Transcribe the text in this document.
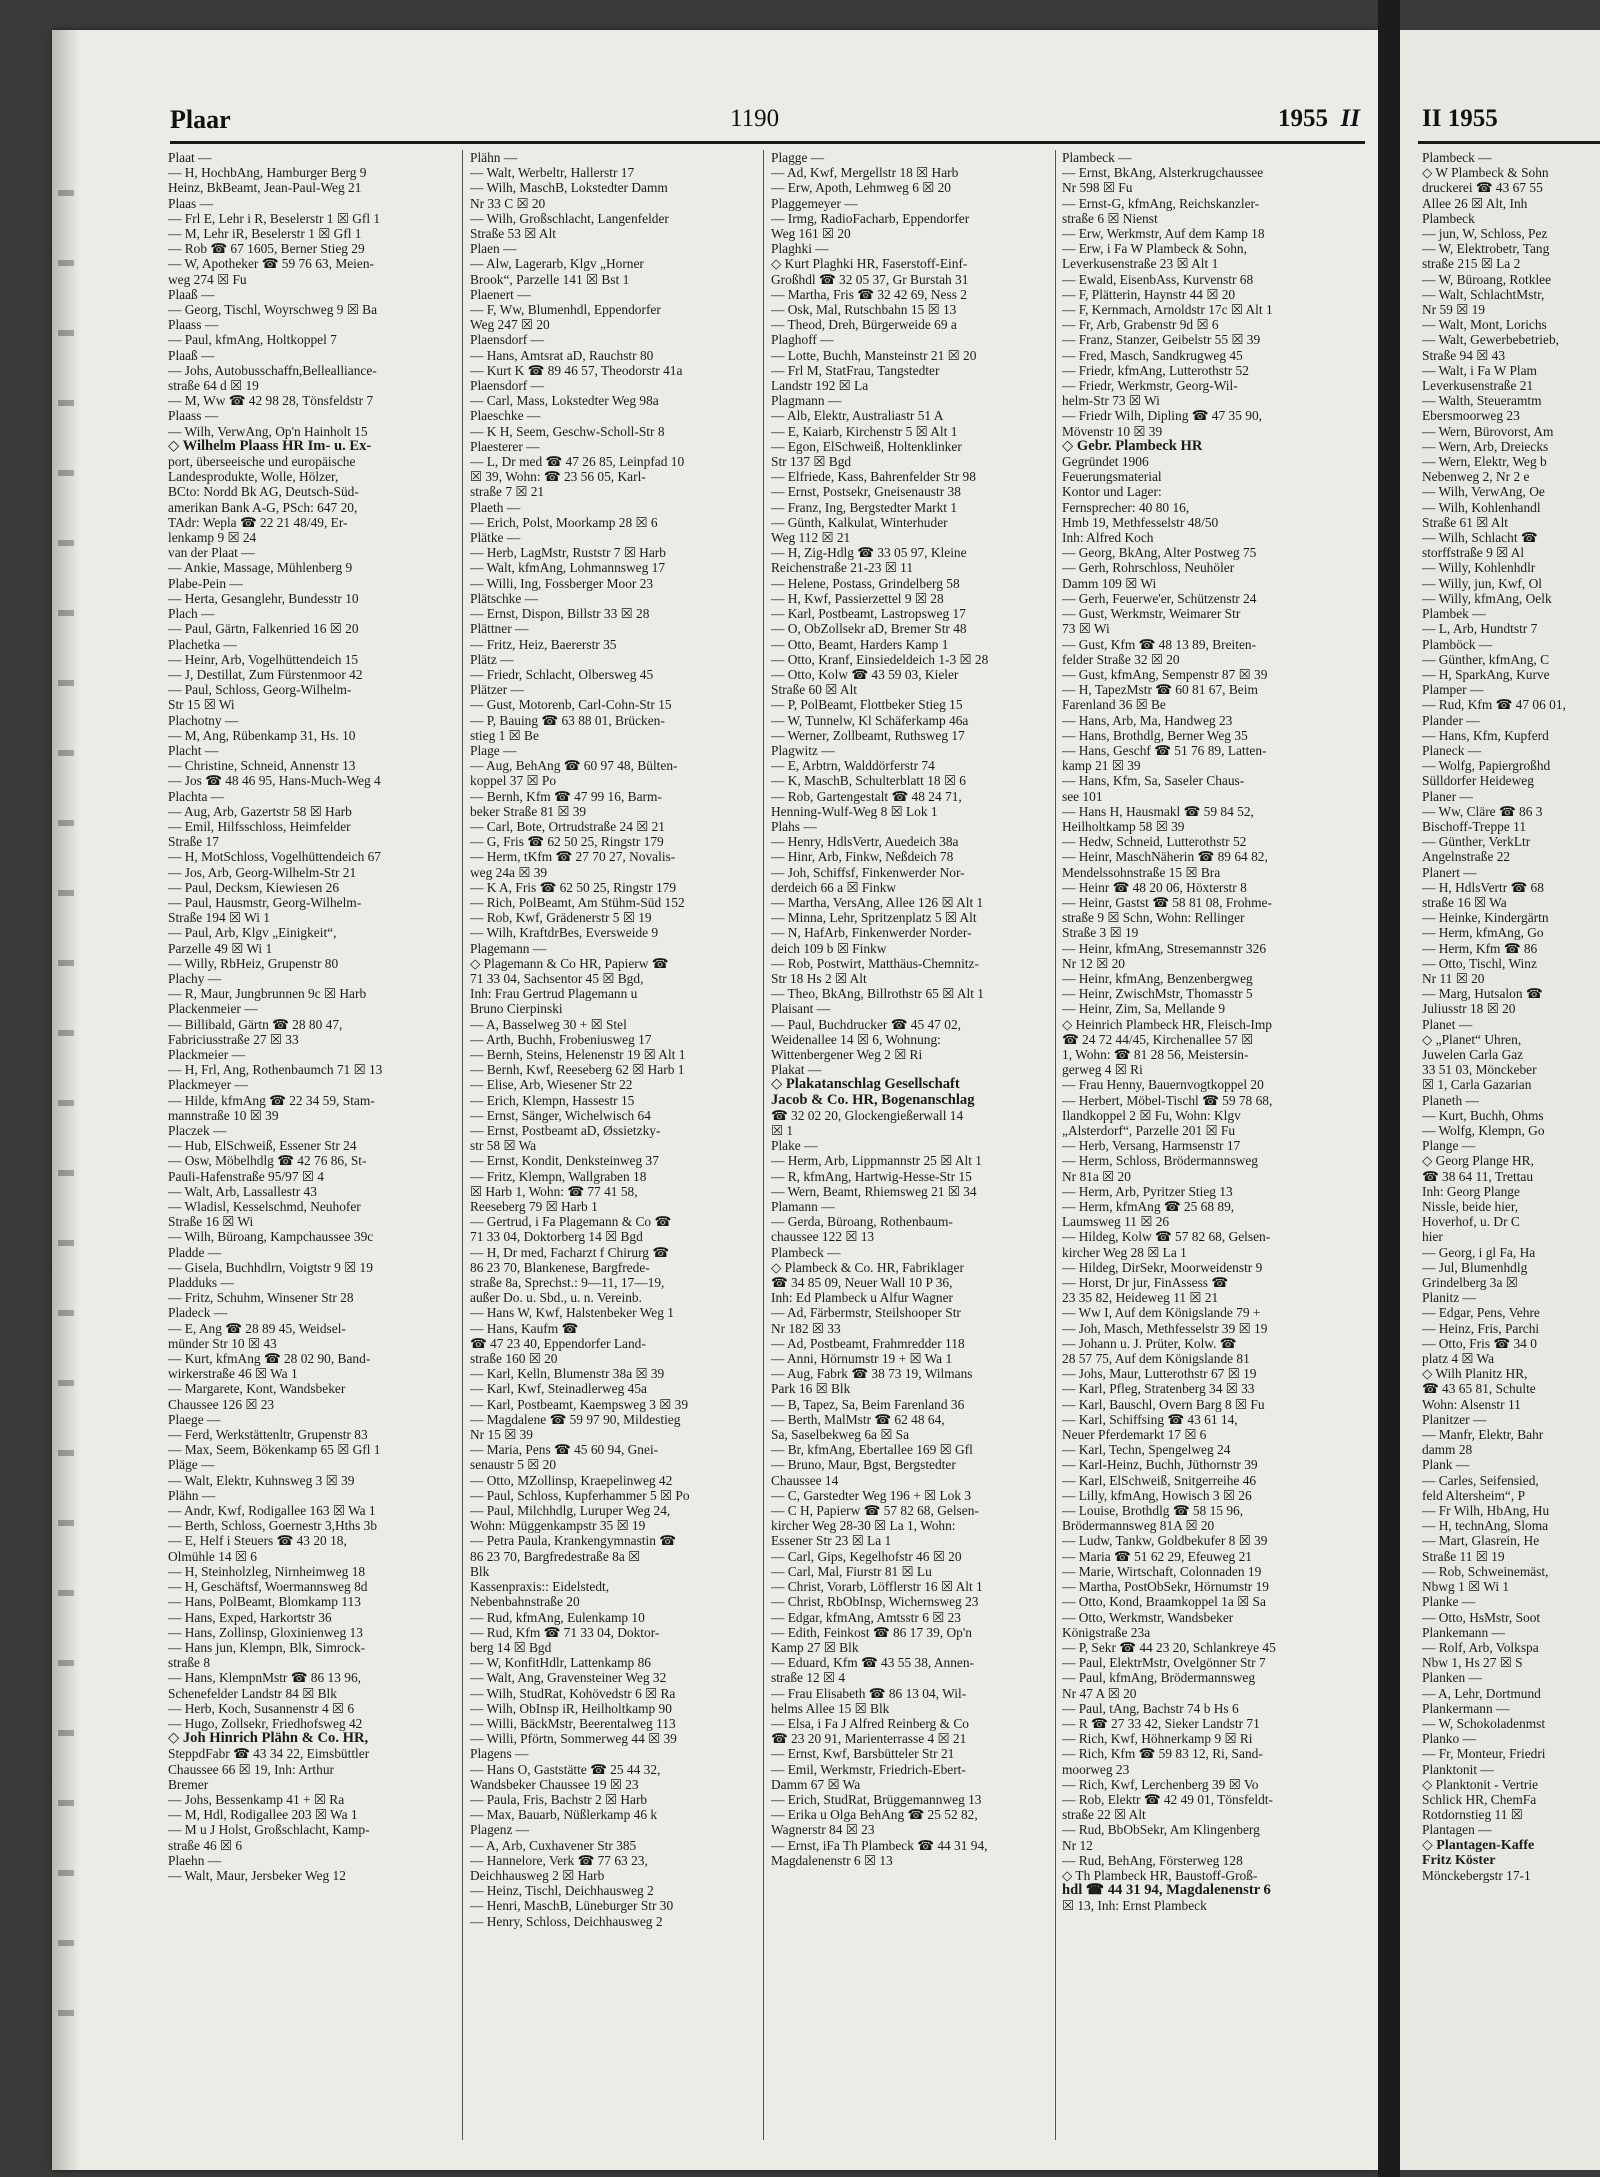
Plaar	1190	1955 II
Plaat —
— H, HochbAng, Hamburger Berg 9
Heinz, BkBeamt, Jean-Paul-Weg 21
Plaas —
— Frl E, Lehr i R, Beselerstr 1 ☒ Gfl 1
— M, Lehr iR, Beselerstr 1 ☒ Gfl 1
— Rob ☎ 67 1605, Berner Stieg 29
— W, Apotheker ☎ 59 76 63, Meien-
weg 274 ☒ Fu
Plaaß —
— Georg, Tischl, Woyrschweg 9 ☒ Ba
Plaass —
— Paul, kfmAng, Holtkoppel 7
Plaaß —
— Johs, Autobusschaffn,Bellealliance-
straße 64 d ☒ 19
— M, Ww ☎ 42 98 28, Tönsfeldstr 7
Plaass —
— Wilh, VerwAng, Op'n Hainholt 15
◇ Wilhelm Plaass HR Im- u. Ex-
port, überseeische und europäische
Landesprodukte, Wolle, Hölzer,
BCto: Nordd Bk AG, Deutsch-Süd-
amerikan Bank A-G, PSch: 647 20,
TAdr: Wepla ☎ 22 21 48/49, Er-
lenkamp 9 ☒ 24
van der Plaat —
— Ankie, Massage, Mühlenberg 9
Plabe-Pein —
— Herta, Gesanglehr, Bundesstr 10
Plach —
— Paul, Gärtn, Falkenried 16 ☒ 20
Plachetka —
— Heinr, Arb, Vogelhüttendeich 15
— J, Destillat, Zum Fürstenmoor 42
— Paul, Schloss, Georg-Wilhelm-
Str 15 ☒ Wi
Plachotny —
— M, Ang, Rübenkamp 31, Hs. 10
Placht —
— Christine, Schneid, Annenstr 13
— Jos ☎ 48 46 95, Hans-Much-Weg 4
Plachta —
— Aug, Arb, Gazertstr 58 ☒ Harb
— Emil, Hilfsschloss, Heimfelder
Straße 17
— H, MotSchloss, Vogelhüttendeich 67
— Jos, Arb, Georg-Wilhelm-Str 21
— Paul, Decksm, Kiewiesen 26
— Paul, Hausmstr, Georg-Wilhelm-
Straße 194 ☒ Wi 1
— Paul, Arb, Klgv „Einigkeit“,
Parzelle 49 ☒ Wi 1
— Willy, RbHeiz, Grupenstr 80
Plachy —
— R, Maur, Jungbrunnen 9c ☒ Harb
Plackenmeier —
— Billibald, Gärtn ☎ 28 80 47,
Fabriciusstraße 27 ☒ 33
Plackmeier —
— H, Frl, Ang, Rothenbaumch 71 ☒ 13
Plackmeyer —
— Hilde, kfmAng ☎ 22 34 59, Stam-
mannstraße 10 ☒ 39
Placzek —
— Hub, ElSchweiß, Essener Str 24
— Osw, Möbelhdlg ☎ 42 76 86, St-
Pauli-Hafenstraße 95/97 ☒ 4
— Walt, Arb, Lassallestr 43
— Wladisl, Kesselschmd, Neuhofer
Straße 16 ☒ Wi
— Wilh, Büroang, Kampchaussee 39c
Pladde —
— Gisela, Buchhdlrn, Voigtstr 9 ☒ 19
Pladduks —
— Fritz, Schuhm, Winsener Str 28
Pladeck —
— E, Ang ☎ 28 89 45, Weidsel-
münder Str 10 ☒ 43
— Kurt, kfmAng ☎ 28 02 90, Band-
wirkerstraße 46 ☒ Wa 1
— Margarete, Kont, Wandsbeker
Chaussee 126 ☒ 23
Plaege —
— Ferd, Werkstättenltr, Grupenstr 83
— Max, Seem, Bökenkamp 65 ☒ Gfl 1
Pläge —
— Walt, Elektr, Kuhnsweg 3 ☒ 39
Plähn —
— Andr, Kwf, Rodigallee 163 ☒ Wa 1
— Berth, Schloss, Goernestr 3,Hths 3b
— E, Helf i Steuers ☎ 43 20 18,
Olmühle 14 ☒ 6
— H, Steinholzleg, Nirnheimweg 18
— H, Geschäftsf, Woermannsweg 8d
— Hans, PolBeamt, Blomkamp 113
— Hans, Exped, Harkortstr 36
— Hans, Zollinsp, Gloxinienweg 13
— Hans jun, Klempn, Blk, Simrock-
straße 8
— Hans, KlempnMstr ☎ 86 13 96,
Schenefelder Landstr 84 ☒ Blk
— Herb, Koch, Susannenstr 4 ☒ 6
— Hugo, Zollsekr, Friedhofsweg 42
◇ Joh Hinrich Plähn & Co. HR,
SteppdFabr ☎ 43 34 22, Eimsbüttler
Chaussee 66 ☒ 19, Inh: Arthur
Bremer
— Johs, Bessenkamp 41 + ☒ Ra
— M, Hdl, Rodigallee 203 ☒ Wa 1
— M u J Holst, Großschlacht, Kamp-
straße 46 ☒ 6
Plaehn —
— Walt, Maur, Jersbeker Weg 12
Plähn —
— Walt, Werbeltr, Hallerstr 17
— Wilh, MaschB, Lokstedter Damm
Nr 33 C ☒ 20
— Wilh, Großschlacht, Langenfelder
Straße 53 ☒ Alt
Plaen —
— Alw, Lagerarb, Klgv „Horner
Brook“, Parzelle 141 ☒ Bst 1
Plaenert —
— F, Ww, Blumenhdl, Eppendorfer
Weg 247 ☒ 20
Plaensdorf —
— Hans, Amtsrat aD, Rauchstr 80
— Kurt K ☎ 89 46 57, Theodorstr 41a
Plaensdorf —
— Carl, Mass, Lokstedter Weg 98a
Plaeschke —
— K H, Seem, Geschw-Scholl-Str 8
Plaesterer —
— L, Dr med ☎ 47 26 85, Leinpfad 10
☒ 39, Wohn: ☎ 23 56 05, Karl-
straße 7 ☒ 21
Plaeth —
— Erich, Polst, Moorkamp 28 ☒ 6
Plätke —
— Herb, LagMstr, Ruststr 7 ☒ Harb
— Walt, kfmAng, Lohmannsweg 17
— Willi, Ing, Fossberger Moor 23
Plätschke —
— Ernst, Dispon, Billstr 33 ☒ 28
Plättner —
— Fritz, Heiz, Baererstr 35
Plätz —
— Friedr, Schlacht, Olbersweg 45
Plätzer —
— Gust, Motorenb, Carl-Cohn-Str 15
— P, Bauing ☎ 63 88 01, Brücken-
stieg 1 ☒ Be
Plage —
— Aug, BehAng ☎ 60 97 48, Bülten-
koppel 37 ☒ Po
— Bernh, Kfm ☎ 47 99 16, Barm-
beker Straße 81 ☒ 39
— Carl, Bote, Ortrudstraße 24 ☒ 21
— G, Fris ☎ 62 50 25, Ringstr 179
— Herm, tKfm ☎ 27 70 27, Novalis-
weg 24a ☒ 39
— K A, Fris ☎ 62 50 25, Ringstr 179
— Rich, PolBeamt, Am Stühm-Süd 152
— Rob, Kwf, Grädenerstr 5 ☒ 19
— Wilh, KraftdrBes, Eversweide 9
Plagemann —
◇ Plagemann & Co HR, Papierw ☎
71 33 04, Sachsentor 45 ☒ Bgd,
Inh: Frau Gertrud Plagemann u
Bruno Cierpinski
— A, Basselweg 30 + ☒ Stel
— Arth, Buchh, Frobeniusweg 17
— Bernh, Steins, Helenenstr 19 ☒ Alt 1
— Bernh, Kwf, Reeseberg 62 ☒ Harb 1
— Elise, Arb, Wiesener Str 22
— Erich, Klempn, Hassestr 15
— Ernst, Sänger, Wichelwisch 64
— Ernst, Postbeamt aD, Øssietzky-
str 58 ☒ Wa
— Ernst, Kondit, Denksteinweg 37
— Fritz, Klempn, Wallgraben 18
☒ Harb 1, Wohn: ☎ 77 41 58,
Reeseberg 79 ☒ Harb 1
— Gertrud, i Fa Plagemann & Co ☎
71 33 04, Doktorberg 14 ☒ Bgd
— H, Dr med, Facharzt f Chirurg ☎
86 23 70, Blankenese, Bargfrede-
straße 8a, Sprechst.: 9—11, 17—19,
außer Do. u. Sbd., u. n. Vereinb.
— Hans W, Kwf, Halstenbeker Weg 1
— Hans, Kaufm ☎
☎ 47 23 40, Eppendorfer Land-
straße 160 ☒ 20
— Karl, Kelln, Blumenstr 38a ☒ 39
— Karl, Kwf, Steinadlerweg 45a
— Karl, Postbeamt, Kaempsweg 3 ☒ 39
— Magdalene ☎ 59 97 90, Mildestieg
Nr 15 ☒ 39
— Maria, Pens ☎ 45 60 94, Gnei-
senaustr 5 ☒ 20
— Otto, MZollinsp, Kraepelinweg 42
— Paul, Schloss, Kupferhammer 5 ☒ Po
— Paul, Milchhdlg, Luruper Weg 24,
Wohn: Müggenkampstr 35 ☒ 19
— Petra Paula, Krankengymnastin ☎
86 23 70, Bargfredestraße 8a ☒
Blk
Kassenpraxis:: Eidelstedt,
Nebenbahnstraße 20
— Rud, kfmAng, Eulenkamp 10
— Rud, Kfm ☎ 71 33 04, Doktor-
berg 14 ☒ Bgd
— W, KonfitHdlr, Lattenkamp 86
— Walt, Ang, Gravensteiner Weg 32
— Wilh, StudRat, Kohövedstr 6 ☒ Ra
— Wilh, ObInsp iR, Heilholtkamp 90
— Willi, BäckMstr, Beerentalweg 113
— Willi, Pförtn, Sommerweg 44 ☒ 39
Plagens —
— Hans O, Gaststätte ☎ 25 44 32,
Wandsbeker Chaussee 19 ☒ 23
— Paula, Fris, Bachstr 2 ☒ Harb
— Max, Bauarb, Nüßlerkamp 46 k
Plagenz —
— A, Arb, Cuxhavener Str 385
— Hannelore, Verk ☎ 77 63 23,
Deichhausweg 2 ☒ Harb
— Heinz, Tischl, Deichhausweg 2
— Henri, MaschB, Lüneburger Str 30
— Henry, Schloss, Deichhausweg 2
Plagge —
— Ad, Kwf, Mergellstr 18 ☒ Harb
— Erw, Apoth, Lehmweg 6 ☒ 20
Plaggemeyer —
— Irmg, RadioFacharb, Eppendorfer
Weg 161 ☒ 20
Plaghki —
◇ Kurt Plaghki HR, Faserstoff-Einf-
Großhdl ☎ 32 05 37, Gr Burstah 31
— Martha, Fris ☎ 32 42 69, Ness 2
— Osk, Mal, Rutschbahn 15 ☒ 13
— Theod, Dreh, Bürgerweide 69 a
Plaghoff —
— Lotte, Buchh, Mansteinstr 21 ☒ 20
— Frl M, StatFrau, Tangstedter
Landstr 192 ☒ La
Plagmann —
— Alb, Elektr, Australiastr 51 A
— E, Kaiarb, Kirchenstr 5 ☒ Alt 1
— Egon, ElSchweiß, Holtenklinker
Str 137 ☒ Bgd
— Elfriede, Kass, Bahrenfelder Str 98
— Ernst, Postsekr, Gneisenaustr 38
— Franz, Ing, Bergstedter Markt 1
— Günth, Kalkulat, Winterhuder
Weg 112 ☒ 21
— H, Zig-Hdlg ☎ 33 05 97, Kleine
Reichenstraße 21-23 ☒ 11
— Helene, Postass, Grindelberg 58
— H, Kwf, Passierzettel 9 ☒ 28
— Karl, Postbeamt, Lastropsweg 17
— O, ObZollsekr aD, Bremer Str 48
— Otto, Beamt, Harders Kamp 1
— Otto, Kranf, Einsiedeldeich 1-3 ☒ 28
— Otto, Kolw ☎ 43 59 03, Kieler
Straße 60 ☒ Alt
— P, PolBeamt, Flottbeker Stieg 15
— W, Tunnelw, Kl Schäferkamp 46a
— Werner, Zollbeamt, Ruthsweg 17
Plagwitz —
— E, Arbtrn, Walddörferstr 74
— K, MaschB, Schulterblatt 18 ☒ 6
— Rob, Gartengestalt ☎ 48 24 71,
Henning-Wulf-Weg 8 ☒ Lok 1
Plahs —
— Henry, HdlsVertr, Auedeich 38a
— Hinr, Arb, Finkw, Neßdeich 78
— Joh, Schiffsf, Finkenwerder Nor-
derdeich 66 a ☒ Finkw
— Martha, VersAng, Allee 126 ☒ Alt 1
— Minna, Lehr, Spritzenplatz 5 ☒ Alt
— N, HafArb, Finkenwerder Norder-
deich 109 b ☒ Finkw
— Rob, Postwirt, Matthäus-Chemnitz-
Str 18 Hs 2 ☒ Alt
— Theo, BkAng, Billrothstr 65 ☒ Alt 1
Plaisant —
— Paul, Buchdrucker ☎ 45 47 02,
Weidenallee 14 ☒ 6, Wohnung:
Wittenbergener Weg 2 ☒ Ri
Plakat —
◇ Plakatanschlag Gesellschaft
Jacob & Co. HR, Bogenanschlag
☎ 32 02 20, Glockengießerwall 14
☒ 1
Plake —
— Herm, Arb, Lippmannstr 25 ☒ Alt 1
— R, kfmAng, Hartwig-Hesse-Str 15
— Wern, Beamt, Rhiemsweg 21 ☒ 34
Plamann —
— Gerda, Büroang, Rothenbaum-
chaussee 122 ☒ 13
Plambeck —
◇ Plambeck & Co. HR, Fabriklager
☎ 34 85 09, Neuer Wall 10 P 36,
Inh: Ed Plambeck u Alfur Wagner
— Ad, Färbermstr, Steilshooper Str
Nr 182 ☒ 33
— Ad, Postbeamt, Frahmredder 118
— Anni, Hörnumstr 19 + ☒ Wa 1
— Aug, Fabrk ☎ 38 73 19, Wilmans
Park 16 ☒ Blk
— B, Tapez, Sa, Beim Farenland 36
— Berth, MalMstr ☎ 62 48 64,
Sa, Saselbekweg 6a ☒ Sa
— Br, kfmAng, Ebertallee 169 ☒ Gfl
— Bruno, Maur, Bgst, Bergstedter
Chaussee 14
— C, Garstedter Weg 196 + ☒ Lok 3
— C H, Papierw ☎ 57 82 68, Gelsen-
kircher Weg 28-30 ☒ La 1, Wohn:
Essener Str 23 ☒ La 1
— Carl, Gips, Kegelhofstr 46 ☒ 20
— Carl, Mal, Fiurstr 81 ☒ Lu
— Christ, Vorarb, Löfflerstr 16 ☒ Alt 1
— Christ, RbObInsp, Wichernsweg 23
— Edgar, kfmAng, Amtsstr 6 ☒ 23
— Edith, Feinkost ☎ 86 17 39, Op'n
Kamp 27 ☒ Blk
— Eduard, Kfm ☎ 43 55 38, Annen-
straße 12 ☒ 4
— Frau Elisabeth ☎ 86 13 04, Wil-
helms Allee 15 ☒ Blk
— Elsa, i Fa J Alfred Reinberg & Co
☎ 23 20 91, Marienterrasse 4 ☒ 21
— Ernst, Kwf, Barsbütteler Str 21
— Emil, Werkmstr, Friedrich-Ebert-
Damm 67 ☒ Wa
— Erich, StudRat, Brüggemannweg 13
— Erika u Olga BehAng ☎ 25 52 82,
Wagnerstr 84 ☒ 23
— Ernst, iFa Th Plambeck ☎ 44 31 94,
Magdalenenstr 6 ☒ 13
Plambeck —
— Ernst, BkAng, Alsterkrugchaussee
Nr 598 ☒ Fu
— Ernst-G, kfmAng, Reichskanzler-
straße 6 ☒ Nienst
— Erw, Werkmstr, Auf dem Kamp 18
— Erw, i Fa W Plambeck & Sohn,
Leverkusenstraße 23 ☒ Alt 1
— Ewald, EisenbAss, Kurvenstr 68
— F, Plätterin, Haynstr 44 ☒ 20
— F, Kernmach, Arnoldstr 17c ☒ Alt 1
— Fr, Arb, Grabenstr 9d ☒ 6
— Franz, Stanzer, Geibelstr 55 ☒ 39
— Fred, Masch, Sandkrugweg 45
— Friedr, kfmAng, Lutterothstr 52
— Friedr, Werkmstr, Georg-Wil-
helm-Str 73 ☒ Wi
— Friedr Wilh, Dipling ☎ 47 35 90,
Mövenstr 10 ☒ 39
◇ Gebr. Plambeck HR
Gegründet 1906
Feuerungsmaterial
Kontor und Lager:
Fernsprecher: 40 80 16,
Hmb 19, Methfesselstr 48/50
Inh: Alfred Koch
— Georg, BkAng, Alter Postweg 75
— Gerh, Rohrschloss, Neuhöler
Damm 109 ☒ Wi
— Gerh, Feuerwe'er, Schützenstr 24
— Gust, Werkmstr, Weimarer Str
73 ☒ Wi
— Gust, Kfm ☎ 48 13 89, Breiten-
felder Straße 32 ☒ 20
— Gust, kfmAng, Sempenstr 87 ☒ 39
— H, TapezMstr ☎ 60 81 67, Beim
Farenland 36 ☒ Be
— Hans, Arb, Ma, Handweg 23
— Hans, Brothdlg, Berner Weg 35
— Hans, Geschf ☎ 51 76 89, Latten-
kamp 21 ☒ 39
— Hans, Kfm, Sa, Saseler Chaus-
see 101
— Hans H, Hausmakl ☎ 59 84 52,
Heilholtkamp 58 ☒ 39
— Hedw, Schneid, Lutterothstr 52
— Heinr, MaschNäherin ☎ 89 64 82,
Mendelssohnstraße 15 ☒ Bra
— Heinr ☎ 48 20 06, Höxterstr 8
— Heinr, Gastst ☎ 58 81 08, Frohme-
straße 9 ☒ Schn, Wohn: Rellinger
Straße 3 ☒ 19
— Heinr, kfmAng, Stresemannstr 326
Nr 12 ☒ 20
— Heinr, kfmAng, Benzenbergweg
— Heinr, ZwischMstr, Thomasstr 5
— Heinr, Zim, Sa, Mellande 9
◇ Heinrich Plambeck HR, Fleisch-Imp
☎ 24 72 44/45, Kirchenallee 57 ☒
1, Wohn: ☎ 81 28 56, Meistersin-
gerweg 4 ☒ Ri
— Frau Henny, Bauernvogtkoppel 20
— Herbert, Möbel-Tischl ☎ 59 78 68,
Ilandkoppel 2 ☒ Fu, Wohn: Klgv
„Alsterdorf“, Parzelle 201 ☒ Fu
— Herb, Versang, Harmsenstr 17
— Herm, Schloss, Brödermannsweg
Nr 81a ☒ 20
— Herm, Arb, Pyritzer Stieg 13
— Herm, kfmAng ☎ 25 68 89,
Laumsweg 11 ☒ 26
— Hildeg, Kolw ☎ 57 82 68, Gelsen-
kircher Weg 28 ☒ La 1
— Hildeg, DirSekr, Moorweidenstr 9
— Horst, Dr jur, FinAssess ☎
23 35 82, Heideweg 11 ☒ 21
— Ww I, Auf dem Königslande 79 +
— Joh, Masch, Methfesselstr 39 ☒ 19
— Johann u. J. Prüter, Kolw. ☎
28 57 75, Auf dem Königslande 81
— Johs, Maur, Lutterothstr 67 ☒ 19
— Karl, Pfleg, Stratenberg 34 ☒ 33
— Karl, Bauschl, Overn Barg 8 ☒ Fu
— Karl, Schiffsing ☎ 43 61 14,
Neuer Pferdemarkt 17 ☒ 6
— Karl, Techn, Spengelweg 24
— Karl-Heinz, Buchh, Jüthornstr 39
— Karl, ElSchweiß, Snitgerreihe 46
— Lilly, kfmAng, Howisch 3 ☒ 26
— Louise, Brothdlg ☎ 58 15 96,
Brödermannsweg 81A ☒ 20
— Ludw, Tankw, Goldbekufer 8 ☒ 39
— Maria ☎ 51 62 29, Efeuweg 21
— Marie, Wirtschaft, Colonnaden 19
— Martha, PostObSekr, Hörnumstr 19
— Otto, Kond, Braamkoppel 1a ☒ Sa
— Otto, Werkmstr, Wandsbeker
Königstraße 23a
— P, Sekr ☎ 44 23 20, Schlankreye 45
— Paul, ElektrMstr, Ovelgönner Str 7
— Paul, kfmAng, Brödermannsweg
Nr 47 A ☒ 20
— Paul, tAng, Bachstr 74 b Hs 6
— R ☎ 27 33 42, Sieker Landstr 71
— Rich, Kwf, Höhnerkamp 9 ☒ Ri
— Rich, Kfm ☎ 59 83 12, Ri, Sand-
moorweg 23
— Rich, Kwf, Lerchenberg 39 ☒ Vo
— Rob, Elektr ☎ 42 49 01, Tönsfeldt-
straße 22 ☒ Alt
— Rud, BbObSekr, Am Klingenberg
Nr 12
— Rud, BehAng, Försterweg 128
◇ Th Plambeck HR, Baustoff-Groß-
hdl ☎ 44 31 94, Magdalenenstr 6
☒ 13, Inh: Ernst Plambeck
II 1955
Plambeck —
◇ W Plambeck & Sohn
druckerei ☎ 43 67 55
Allee 26 ☒ Alt, Inh
Plambeck
— jun, W, Schloss, Pez
— W, Elektrobetr, Tang
straße 215 ☒ La 2
— W, Büroang, Rotklee
— Walt, SchlachtMstr,
Nr 59 ☒ 19
— Walt, Mont, Lorichs
— Walt, Gewerbebetrieb,
Straße 94 ☒ 43
— Walt, i Fa W Plam
Leverkusenstraße 21
— Walth, Steueramtm
Ebersmoorweg 23
— Wern, Bürovorst, Am
— Wern, Arb, Dreiecks
— Wern, Elektr, Weg b
Nebenweg 2, Nr 2 e
— Wilh, VerwAng, Oe
— Wilh, Kohlenhandl
Straße 61 ☒ Alt
— Wilh, Schlacht ☎
storffstraße 9 ☒ Al
— Willy, Kohlenhdlr
— Willy, jun, Kwf, Ol
— Willy, kfmAng, Oelk
Plambek —
— L, Arb, Hundtstr 7
Plamböck —
— Günther, kfmAng, C
— H, SparkAng, Kurve
Plamper —
— Rud, Kfm ☎ 47 06 01,
Plander —
— Hans, Kfm, Kupferd
Planeck —
— Wolfg, Papiergroßhd
Sülldorfer Heideweg
Planer —
— Ww, Cläre ☎ 86 3
Bischoff-Treppe 11
— Günther, VerkLtr
Angelnstraße 22
Planert —
— H, HdlsVertr ☎ 68
straße 16 ☒ Wa
— Heinke, Kindergärtn
— Herm, kfmAng, Go
— Herm, Kfm ☎ 86
— Otto, Tischl, Winz
Nr 11 ☒ 20
— Marg, Hutsalon ☎
Juliusstr 18 ☒ 20
Planet —
◇ „Planet“ Uhren,
Juwelen Carla Gaz
33 51 03, Mönckeber
☒ 1, Carla Gazarian
Planeth —
— Kurt, Buchh, Ohms
— Wolfg, Klempn, Go
Plange —
◇ Georg Plange HR,
☎ 38 64 11, Trettau
Inh: Georg Plange
Nissle, beide hier,
Hoverhof, u. Dr C
hier
— Georg, i gl Fa, Ha
— Jul, Blumenhdlg
Grindelberg 3a ☒
Planitz —
— Edgar, Pens, Vehre
— Heinz, Fris, Parchi
— Otto, Fris ☎ 34 0
platz 4 ☒ Wa
◇ Wilh Planitz HR,
☎ 43 65 81, Schulte
Wohn: Alsenstr 11
Planitzer —
— Manfr, Elektr, Bahr
damm 28
Plank —
— Carles, Seifensied,
feld Altersheim“, P
— Fr Wilh, HbAng, Hu
— H, technAng, Sloma
— Mart, Glasrein, He
Straße 11 ☒ 19
— Rob, Schweinemäst,
Nbwg 1 ☒ Wi 1
Planke —
— Otto, HsMstr, Soot
Plankemann —
— Rolf, Arb, Volkspa
Nbw 1, Hs 27 ☒ S
Planken —
— A, Lehr, Dortmund
Plankermann —
— W, Schokoladenmst
Planko —
— Fr, Monteur, Friedri
Planktonit —
◇ Planktonit - Vertrie
Schlick HR, ChemFa
Rotdornstieg 11 ☒
Plantagen —
◇ Plantagen-Kaffe
Fritz Köster
Mönckebergstr 17-1
